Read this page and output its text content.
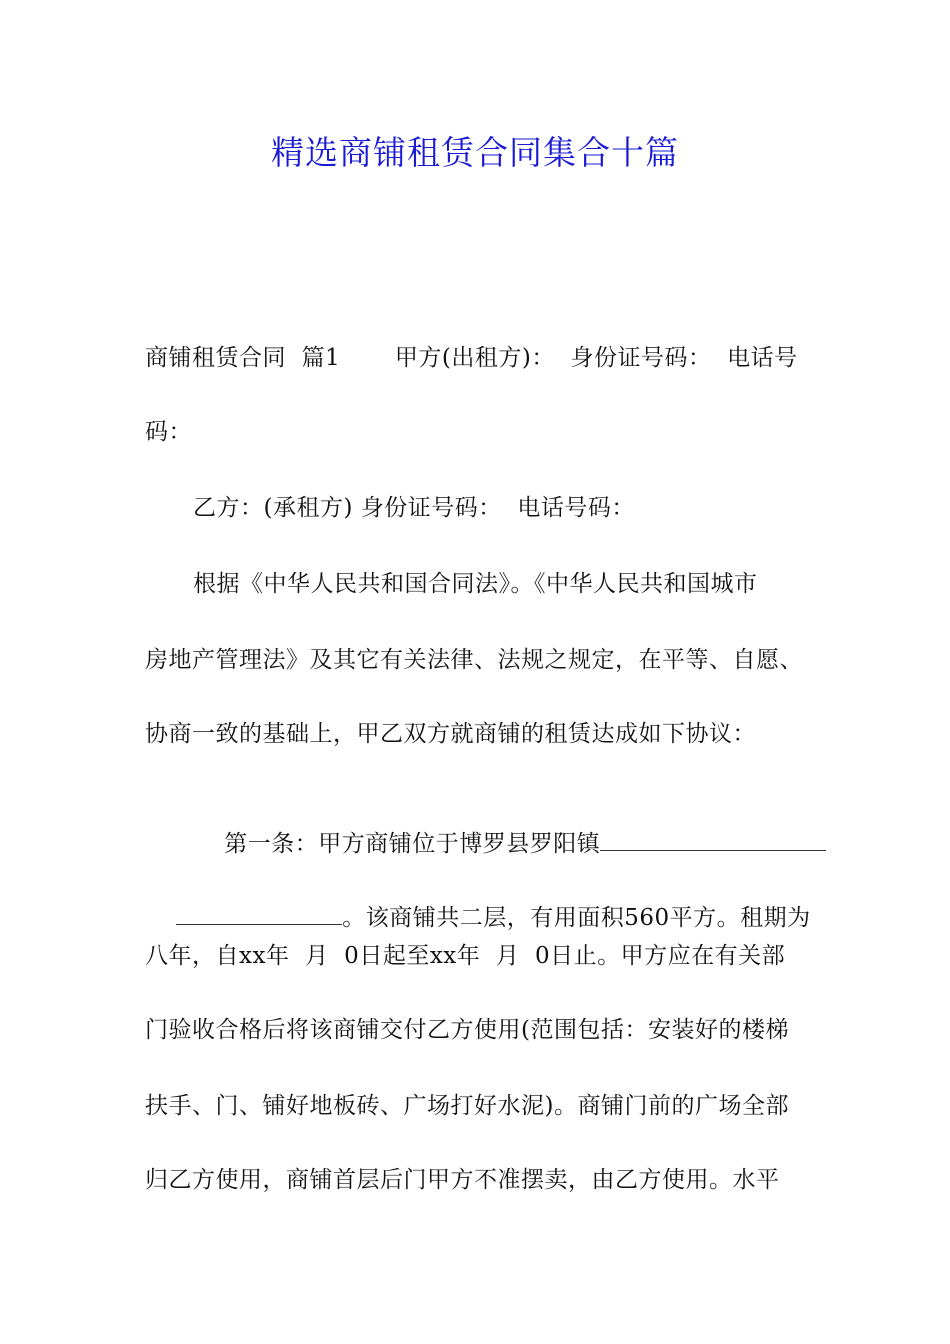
精选商铺租赁合同集合十篇
商铺租赁合同  篇1       甲方(出租方)：  身份证号码：  电话号
码：
乙方：(承租方) 身份证号码：  电话号码：
根据《中华人民共和国合同法》。《中华人民共和国城市
房地产管理法》及其它有关法律、法规之规定，在平等、自愿、
协商一致的基础上，甲乙双方就商铺的租赁达成如下协议：

第一条：甲方商铺位于博罗县罗阳镇

。该商铺共二层，有用面积560平方。租期为

八年，自xx年  月  0日起至xx年  月  0日止。甲方应在有关部
门验收合格后将该商铺交付乙方使用(范围包括：安装好的楼梯
扶手、门、铺好地板砖、广场打好水泥)。商铺门前的广场全部
归乙方使用，商铺首层后门甲方不准摆卖，由乙方使用。水平
